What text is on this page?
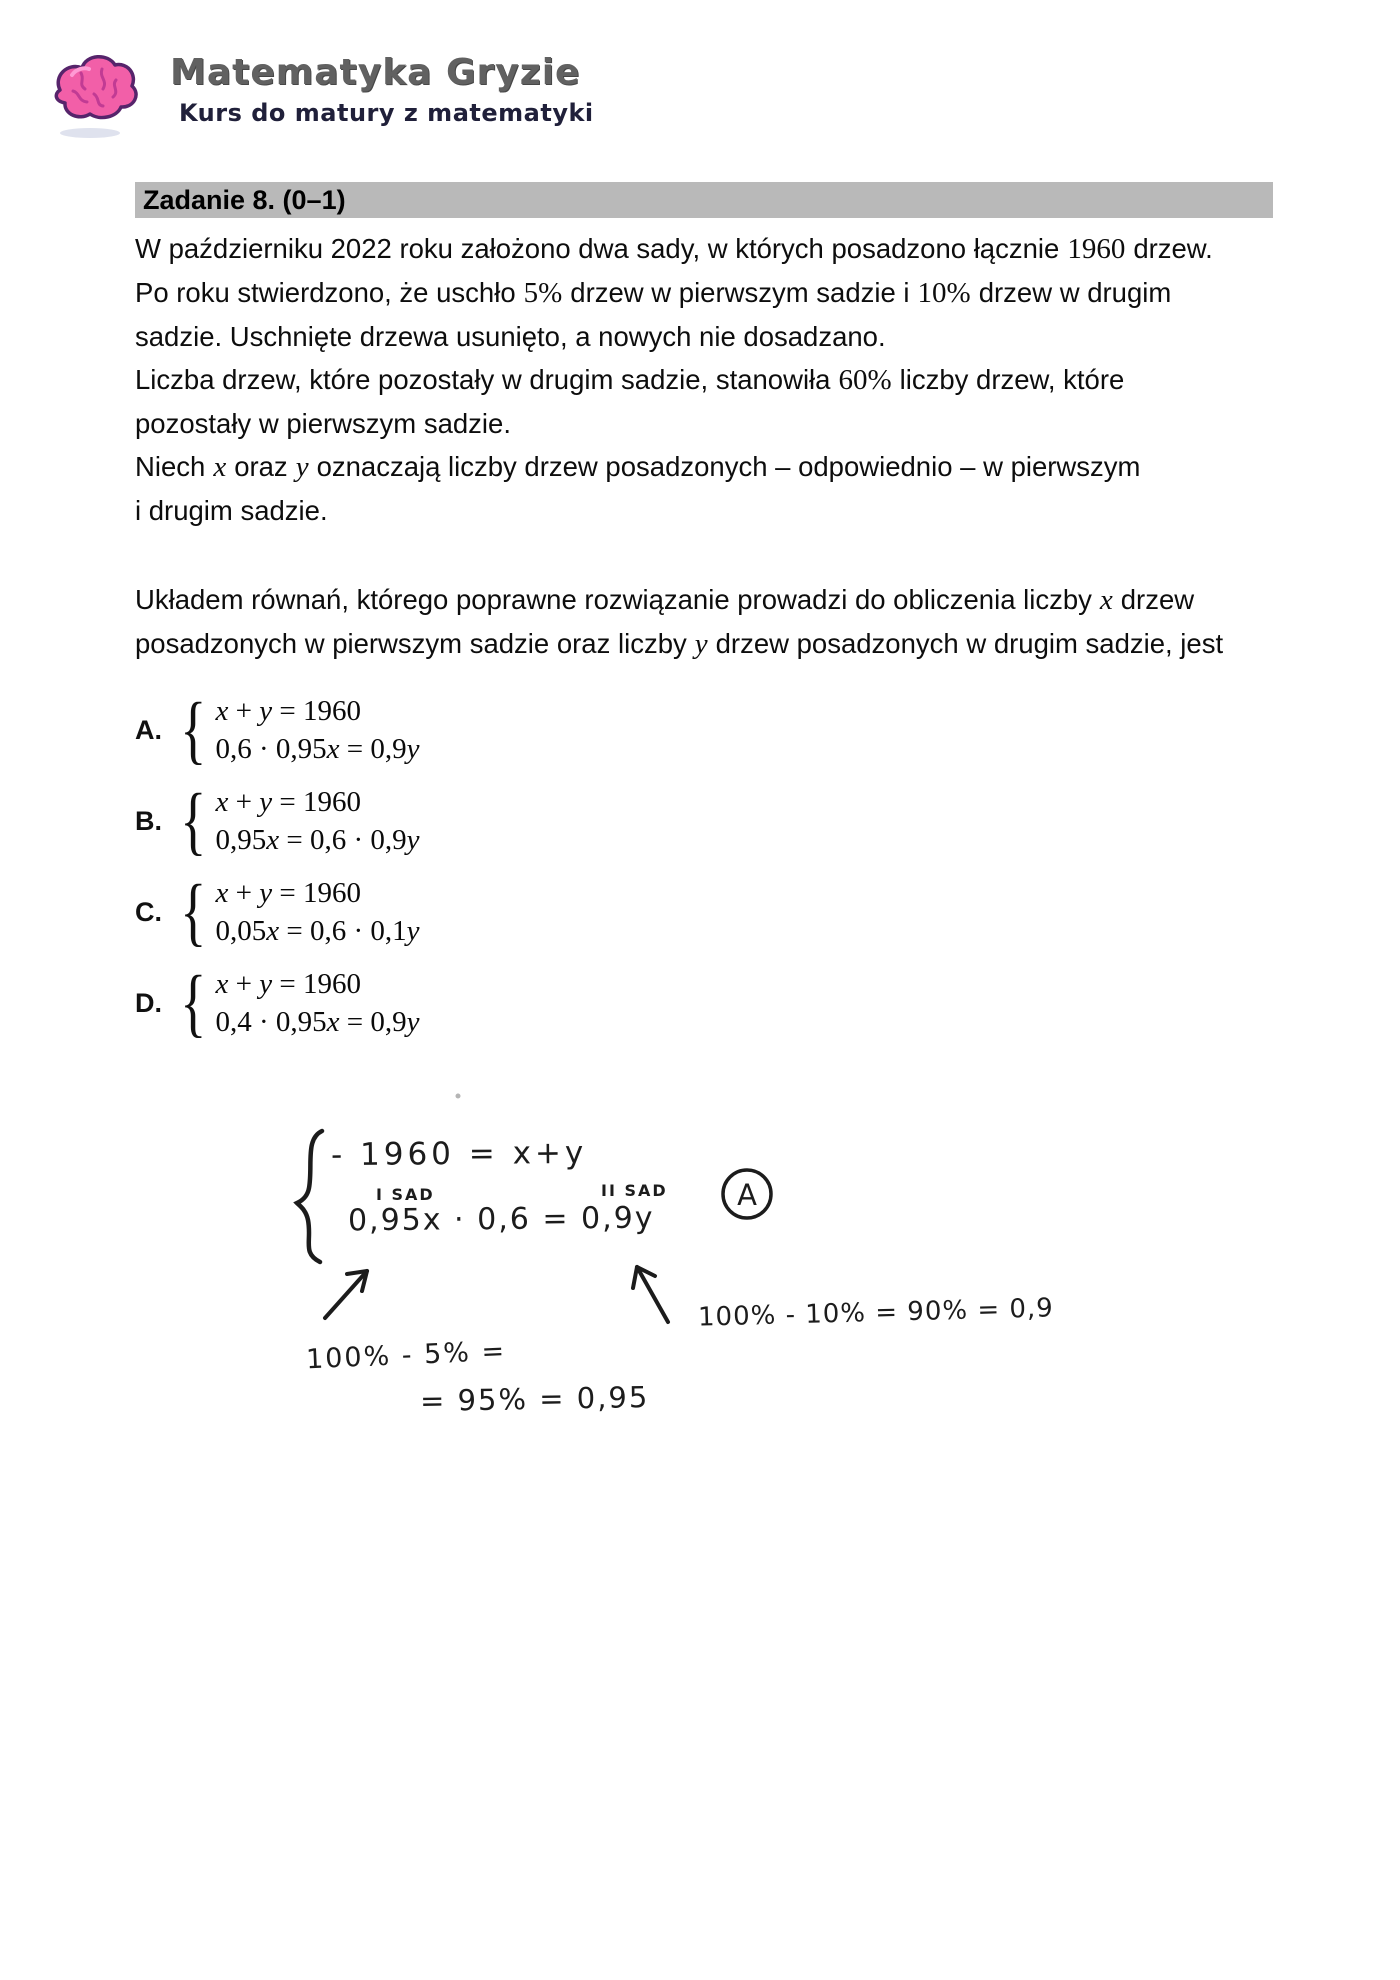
Matematyka Gryzie
Kurs do matury z matematyki
Zadanie 8. (0–1)
W październiku 2022 roku założono dwa sady, w których posadzono łącznie 1960 drzew.
Po roku stwierdzono, że uschło 5% drzew w pierwszym sadzie i 10% drzew w drugim
sadzie. Uschnięte drzewa usunięto, a nowych nie dosadzano.
Liczba drzew, które pozostały w drugim sadzie, stanowiła 60% liczby drzew, które
pozostały w pierwszym sadzie.
Niech x oraz y oznaczają liczby drzew posadzonych – odpowiednio – w pierwszym
i drugim sadzie.
Układem równań, którego poprawne rozwiązanie prowadzi do obliczenia liczby x drzew
posadzonych w pierwszym sadzie oraz liczby y drzew posadzonych w drugim sadzie, jest
A. { x + y = 1960
0,6 · 0,95x = 0,9y
B. { x + y = 1960
0,95x = 0,6 · 0,9y
C. { x + y = 1960
0,05x = 0,6 · 0,1y
D. { x + y = 1960
0,4 · 0,95x = 0,9y
A
- 1960 = x+y
I SAD
0,95x · 0,6 = 0,9y
II SAD
100% - 10% = 90% = 0,9
100% - 5% =
= 95% = 0,95
